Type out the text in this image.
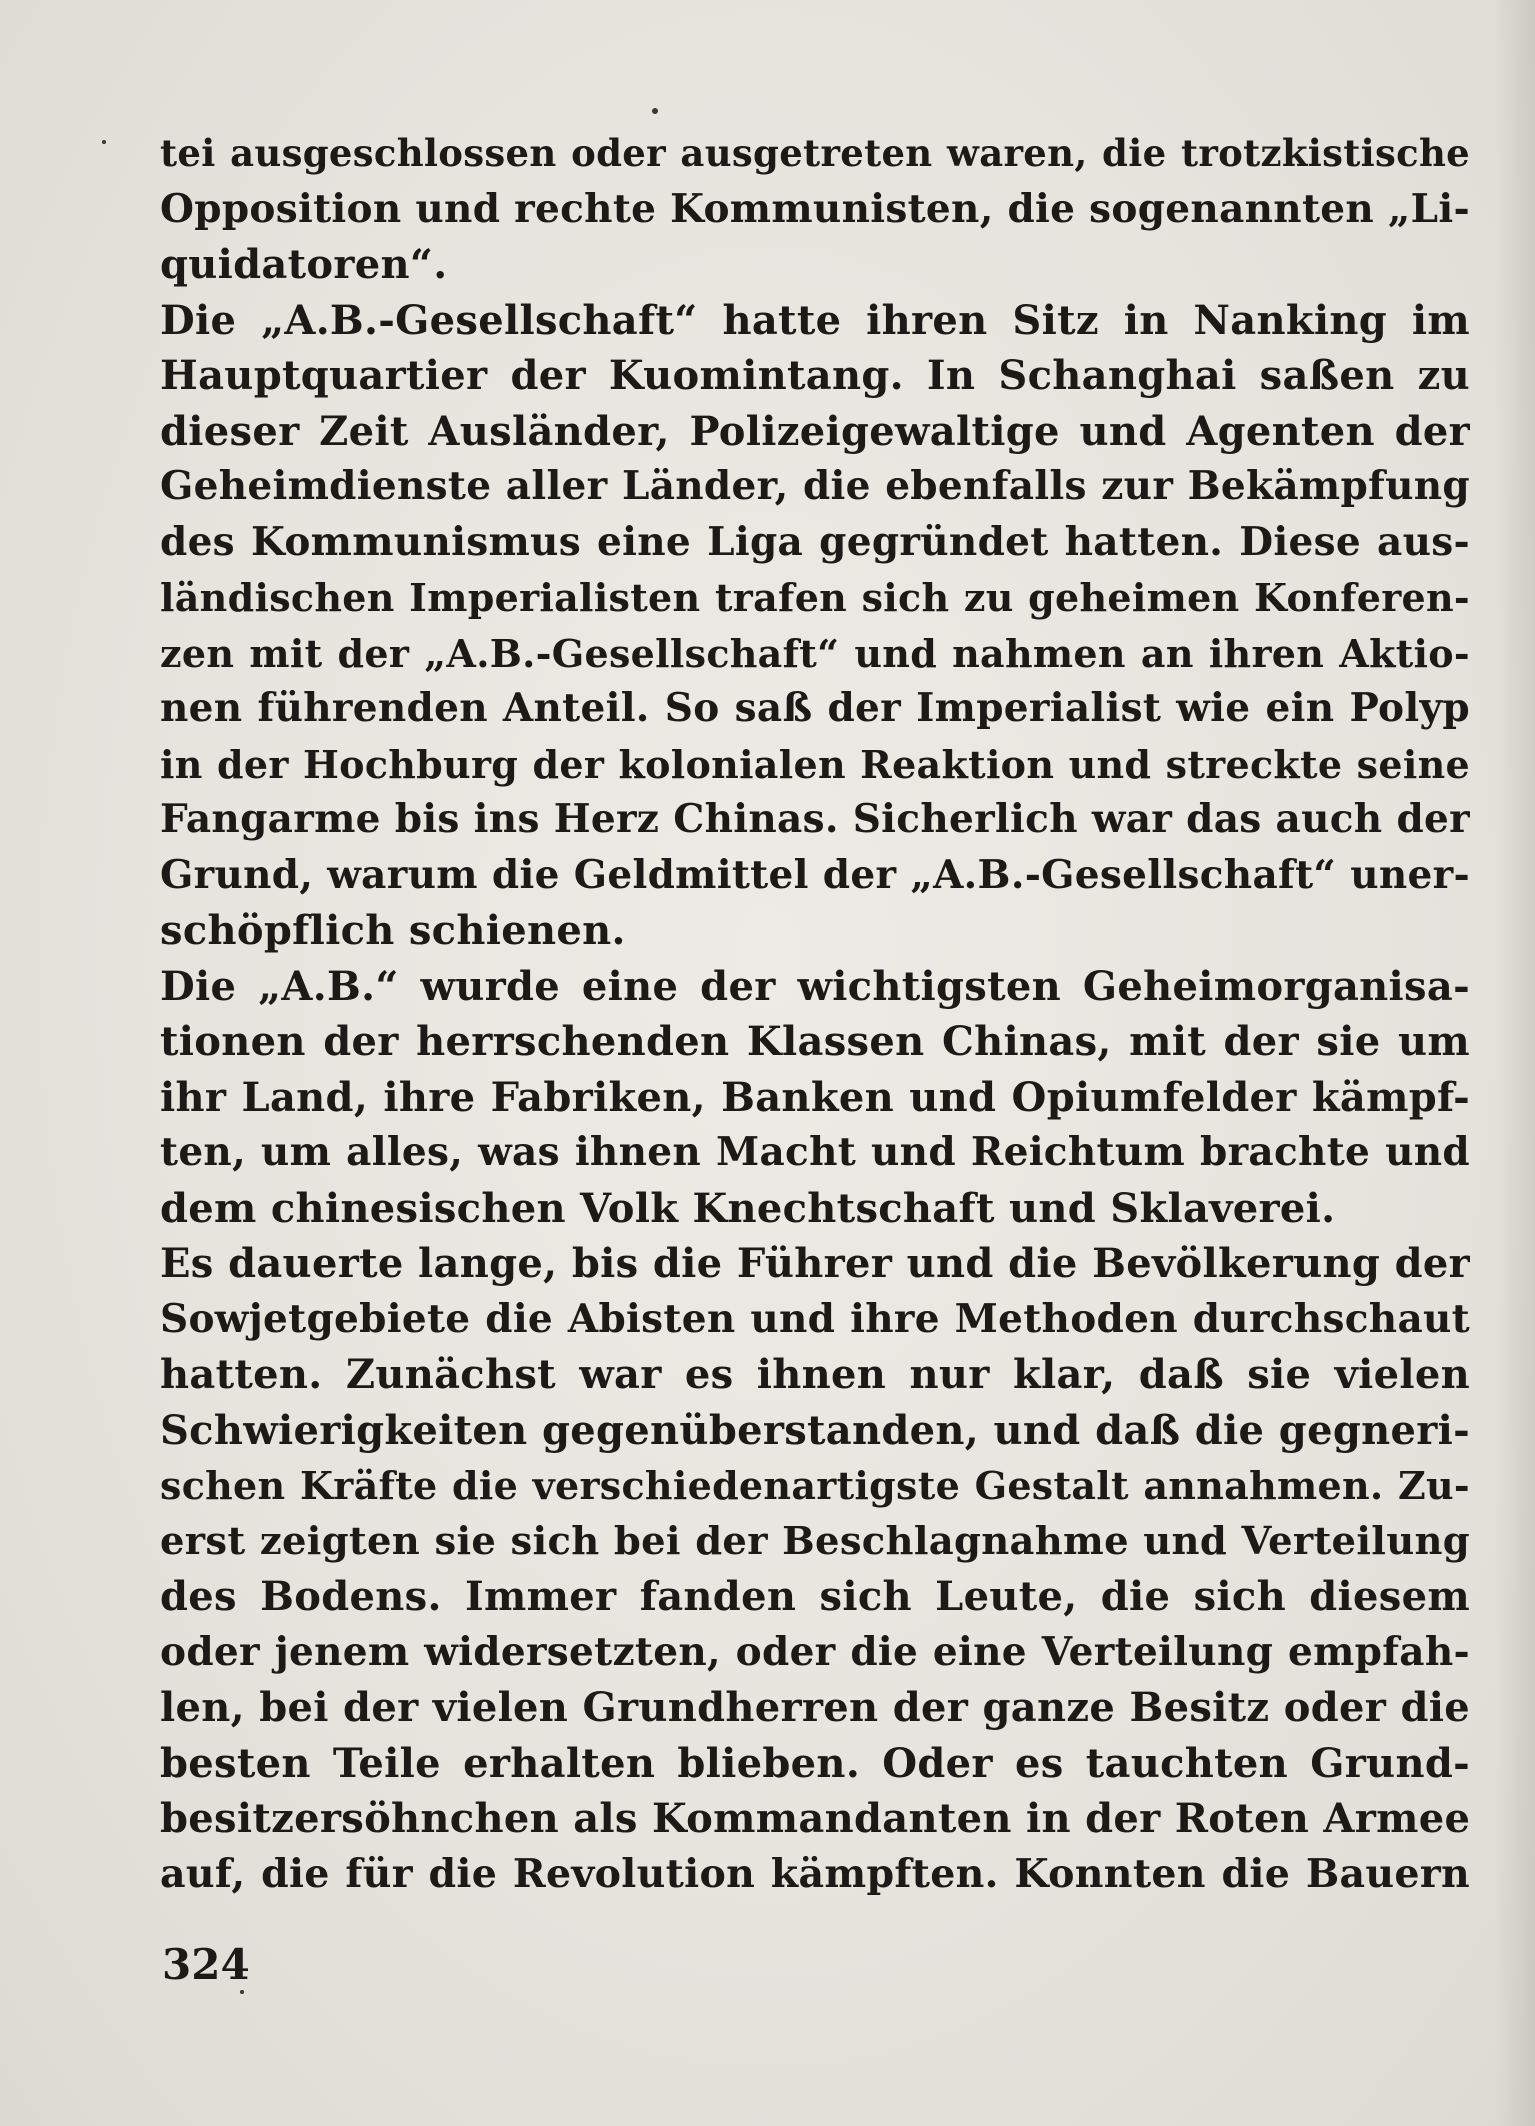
tei ausgeschlossen oder ausgetreten waren, die trotzkistische
Opposition und rechte Kommunisten, die sogenannten „Li-
quidatoren“.
Die „A.B.-Gesellschaft“ hatte ihren Sitz in Nanking im
Hauptquartier der Kuomintang. In Schanghai saßen zu
dieser Zeit Ausländer, Polizeigewaltige und Agenten der
Geheimdienste aller Länder, die ebenfalls zur Bekämpfung
des Kommunismus eine Liga gegründet hatten. Diese aus-
ländischen Imperialisten trafen sich zu geheimen Konferen-
zen mit der „A.B.-Gesellschaft“ und nahmen an ihren Aktio-
nen führenden Anteil. So saß der Imperialist wie ein Polyp
in der Hochburg der kolonialen Reaktion und streckte seine
Fangarme bis ins Herz Chinas. Sicherlich war das auch der
Grund, warum die Geldmittel der „A.B.-Gesellschaft“ uner-
schöpflich schienen.
Die „A.B.“ wurde eine der wichtigsten Geheimorganisa-
tionen der herrschenden Klassen Chinas, mit der sie um
ihr Land, ihre Fabriken, Banken und Opiumfelder kämpf-
ten, um alles, was ihnen Macht und Reichtum brachte und
dem chinesischen Volk Knechtschaft und Sklaverei.
Es dauerte lange, bis die Führer und die Bevölkerung der
Sowjetgebiete die Abisten und ihre Methoden durchschaut
hatten. Zunächst war es ihnen nur klar, daß sie vielen
Schwierigkeiten gegenüberstanden, und daß die gegneri-
schen Kräfte die verschiedenartigste Gestalt annahmen. Zu-
erst zeigten sie sich bei der Beschlagnahme und Verteilung
des Bodens. Immer fanden sich Leute, die sich diesem
oder jenem widersetzten, oder die eine Verteilung empfah-
len, bei der vielen Grundherren der ganze Besitz oder die
besten Teile erhalten blieben. Oder es tauchten Grund-
besitzersöhnchen als Kommandanten in der Roten Armee
auf, die für die Revolution kämpften. Konnten die Bauern
324
